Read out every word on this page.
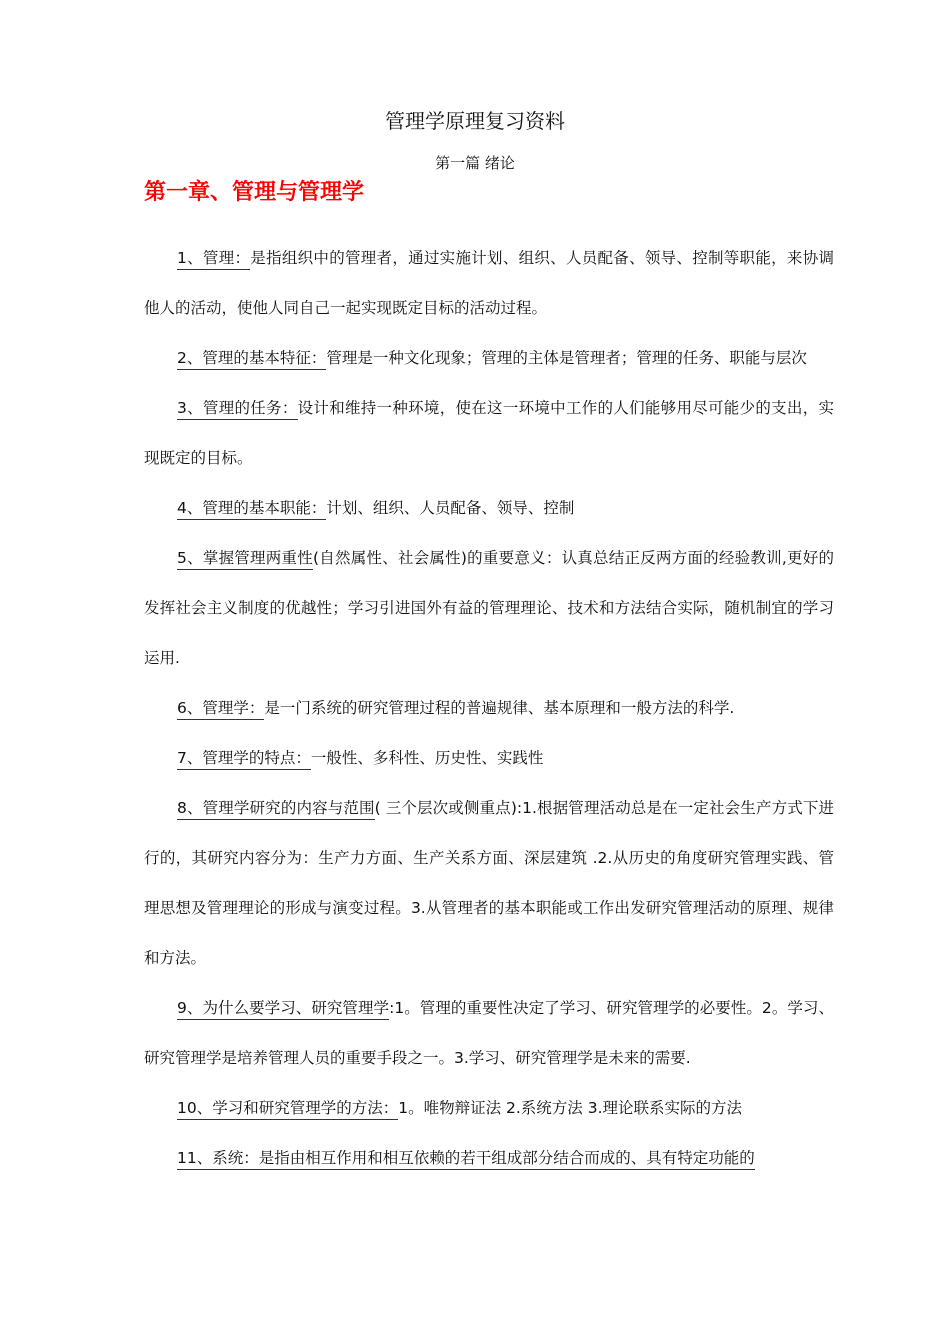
管理学原理复习资料
第一篇 绪论
第一章、管理与管理学

1、管理：是指组织中的管理者，通过实施计划、组织、人员配备、领导、控制等职能，来协调他人的活动，使他人同自己一起实现既定目标的活动过程。

2、管理的基本特征：管理是一种文化现象；管理的主体是管理者；管理的任务、职能与层次

3、管理的任务：设计和维持一种环境，使在这一环境中工作的人们能够用尽可能少的支出，实现既定的目标。

4、管理的基本职能：计划、组织、人员配备、领导、控制

5、掌握管理两重性(自然属性、社会属性)的重要意义：认真总结正反两方面的经验教训,更好的发挥社会主义制度的优越性；学习引进国外有益的管理理论、技术和方法结合实际，随机制宜的学习运用.

6、管理学：是一门系统的研究管理过程的普遍规律、基本原理和一般方法的科学.

7、管理学的特点：一般性、多科性、历史性、实践性

8、管理学研究的内容与范围( 三个层次或侧重点):1.根据管理活动总是在一定社会生产方式下进行的，其研究内容分为：生产力方面、生产关系方面、深层建筑 .2.从历史的角度研究管理实践、管理思想及管理理论的形成与演变过程。3.从管理者的基本职能或工作出发研究管理活动的原理、规律和方法。

9、为什么要学习、研究管理学:1。管理的重要性决定了学习、研究管理学的必要性。2。学习、研究管理学是培养管理人员的重要手段之一。3.学习、研究管理学是未来的需要.

10、学习和研究管理学的方法：1。唯物辩证法 2.系统方法 3.理论联系实际的方法

11、系统：是指由相互作用和相互依赖的若干组成部分结合而成的、具有特定功能的
